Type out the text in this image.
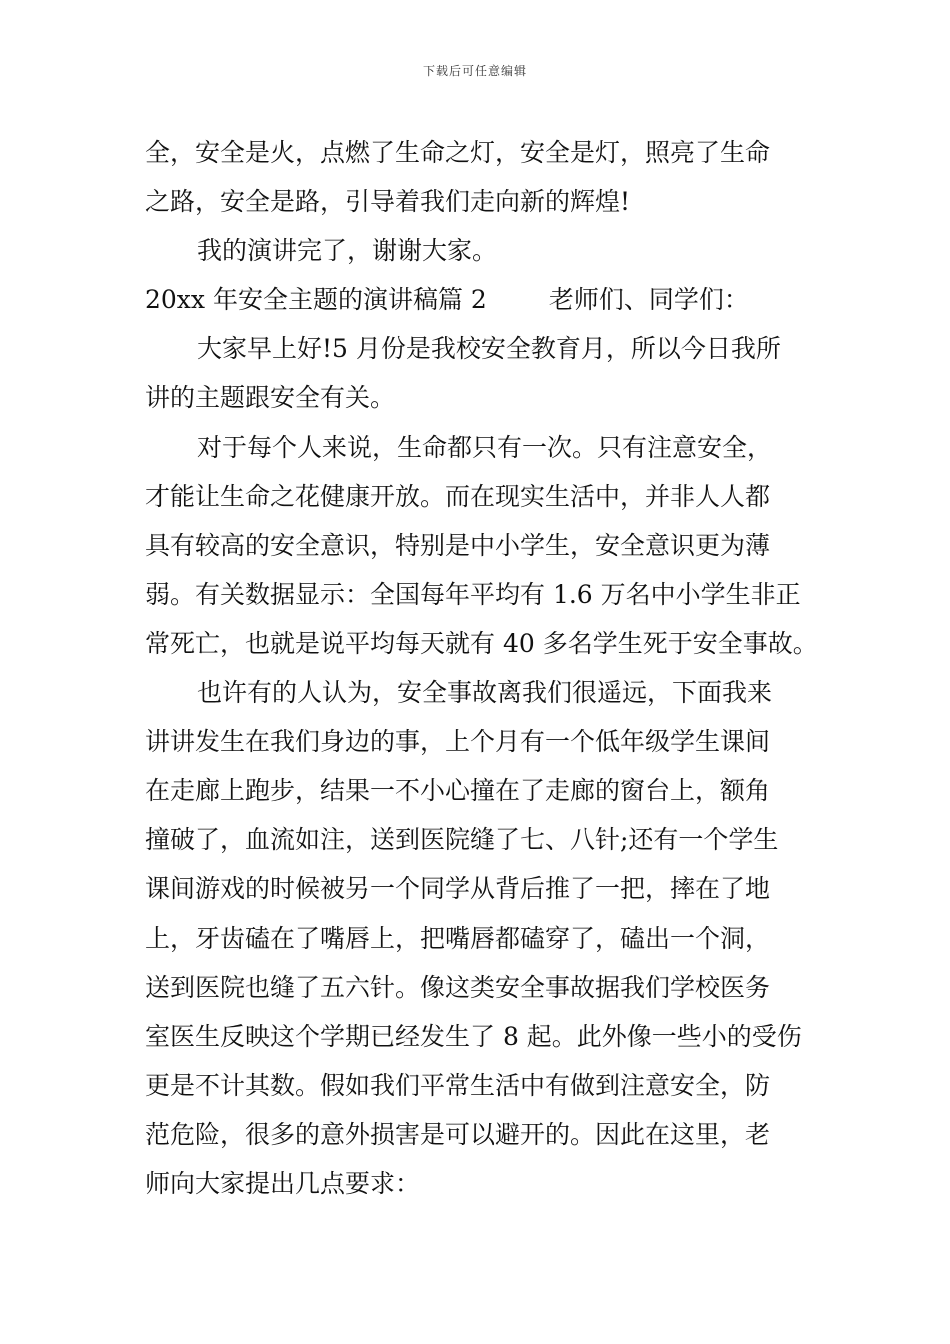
下载后可任意编辑
全，安全是火，点燃了生命之灯，安全是灯，照亮了生命
之路，安全是路，引导着我们走向新的辉煌!
我的演讲完了，谢谢大家。
20xx 年安全主题的演讲稿篇 2 老师们、同学们：
大家早上好!5 月份是我校安全教育月，所以今日我所
讲的主题跟安全有关。
对于每个人来说，生命都只有一次。只有注意安全，
才能让生命之花健康开放。而在现实生活中，并非人人都
具有较高的安全意识，特别是中小学生，安全意识更为薄
弱。有关数据显示：全国每年平均有 1.6 万名中小学生非正
常死亡，也就是说平均每天就有 40 多名学生死于安全事故。
也许有的人认为，安全事故离我们很遥远，下面我来
讲讲发生在我们身边的事，上个月有一个低年级学生课间
在走廊上跑步，结果一不小心撞在了走廊的窗台上，额角
撞破了，血流如注，送到医院缝了七、八针;还有一个学生
课间游戏的时候被另一个同学从背后推了一把，摔在了地
上，牙齿磕在了嘴唇上，把嘴唇都磕穿了，磕出一个洞，
送到医院也缝了五六针。像这类安全事故据我们学校医务
室医生反映这个学期已经发生了 8 起。此外像一些小的受伤
更是不计其数。假如我们平常生活中有做到注意安全，防
范危险，很多的意外损害是可以避开的。因此在这里，老
师向大家提出几点要求：
